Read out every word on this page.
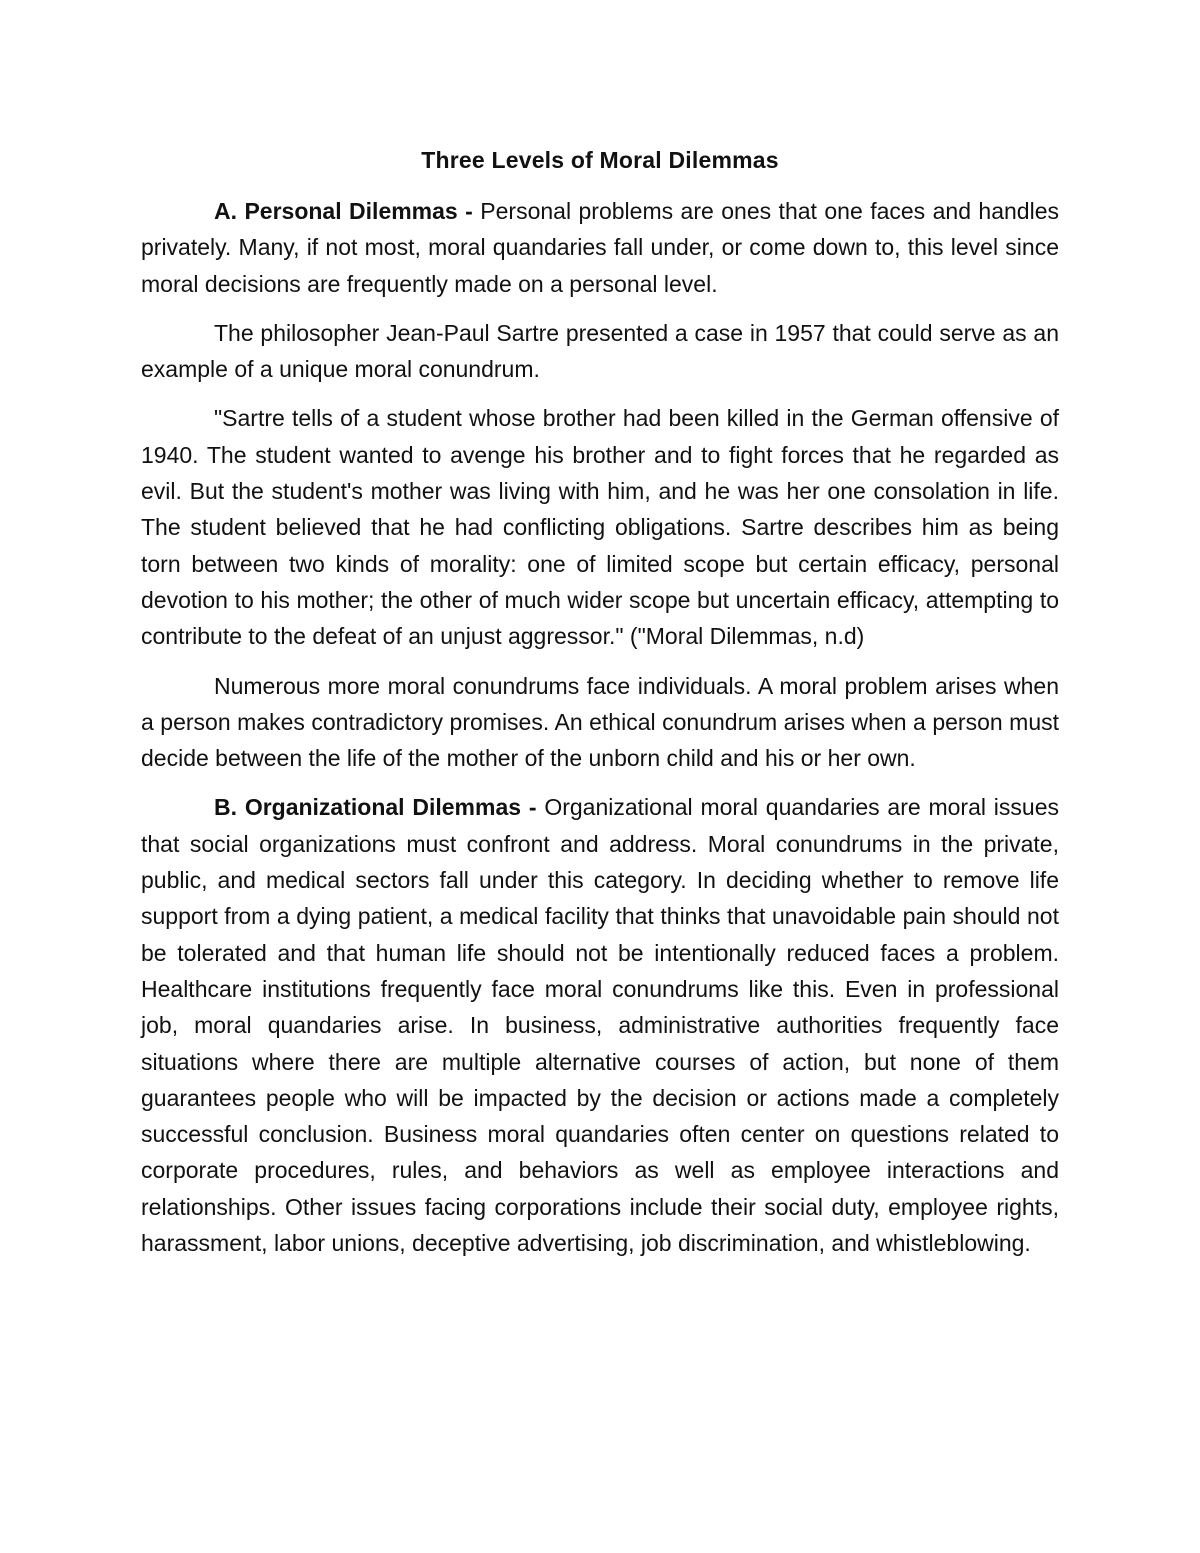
Three Levels of Moral Dilemmas

A. Personal Dilemmas - Personal problems are ones that one faces and handles privately. Many, if not most, moral quandaries fall under, or come down to, this level since moral decisions are frequently made on a personal level.

The philosopher Jean-Paul Sartre presented a case in 1957 that could serve as an example of a unique moral conundrum.

"Sartre tells of a student whose brother had been killed in the German offensive of 1940. The student wanted to avenge his brother and to fight forces that he regarded as evil. But the student's mother was living with him, and he was her one consolation in life. The student believed that he had conflicting obligations. Sartre describes him as being torn between two kinds of morality: one of limited scope but certain efficacy, personal devotion to his mother; the other of much wider scope but uncertain efficacy, attempting to contribute to the defeat of an unjust aggressor." ("Moral Dilemmas, n.d)

Numerous more moral conundrums face individuals. A moral problem arises when a person makes contradictory promises. An ethical conundrum arises when a person must decide between the life of the mother of the unborn child and his or her own.

B. Organizational Dilemmas - Organizational moral quandaries are moral issues that social organizations must confront and address. Moral conundrums in the private, public, and medical sectors fall under this category. In deciding whether to remove life support from a dying patient, a medical facility that thinks that unavoidable pain should not be tolerated and that human life should not be intentionally reduced faces a problem. Healthcare institutions frequently face moral conundrums like this. Even in professional job, moral quandaries arise. In business, administrative authorities frequently face situations where there are multiple alternative courses of action, but none of them guarantees people who will be impacted by the decision or actions made a completely successful conclusion. Business moral quandaries often center on questions related to corporate procedures, rules, and behaviors as well as employee interactions and relationships. Other issues facing corporations include their social duty, employee rights, harassment, labor unions, deceptive advertising, job discrimination, and whistleblowing.
